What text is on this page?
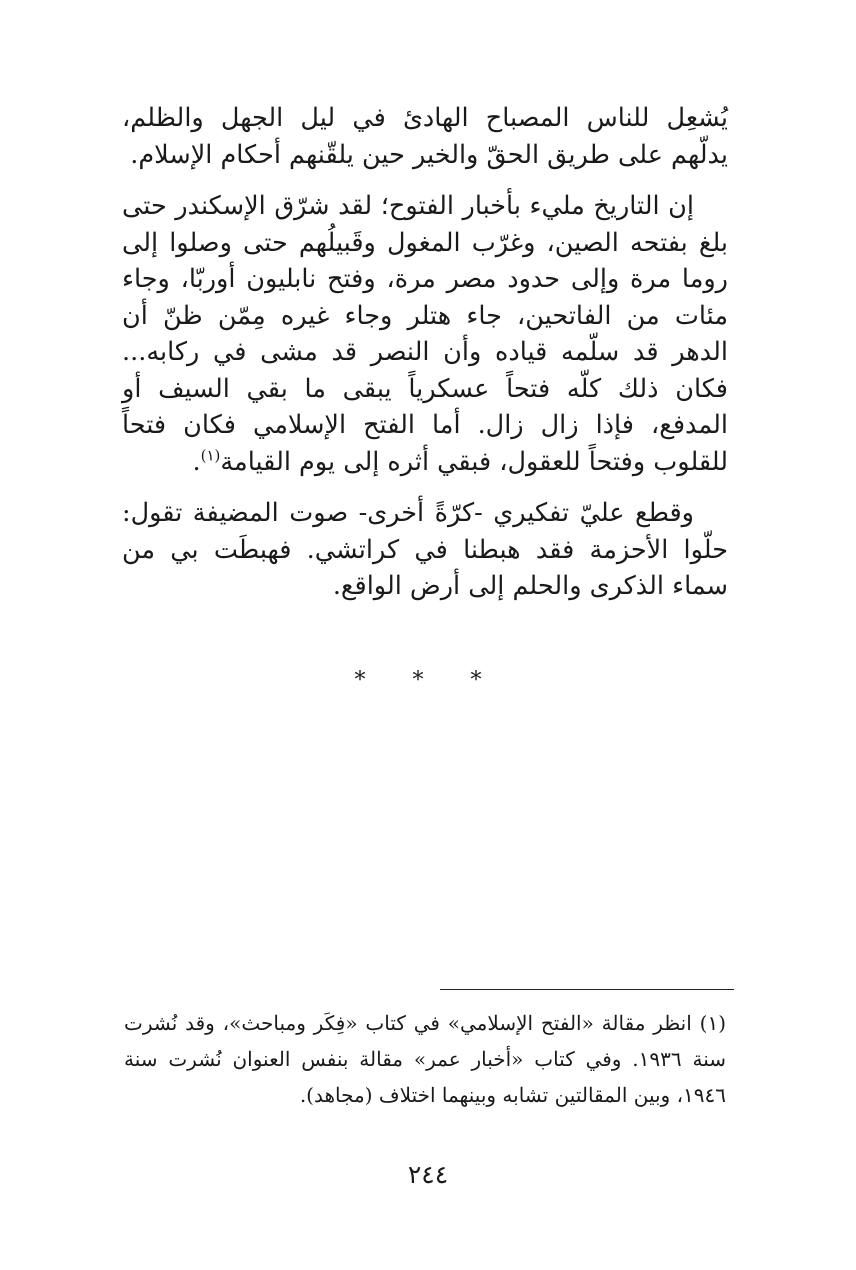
يُشعِل للناس المصباح الهادئ في ليل الجهل والظلم، يدلّهم على طريق الحقّ والخير حين يلقّنهم أحكام الإسلام.

إن التاريخ مليء بأخبار الفتوح؛ لقد شرّق الإسكندر حتى بلغ بفتحه الصين، وغرّب المغول وقَبيلُهم حتى وصلوا إلى روما مرة وإلى حدود مصر مرة، وفتح نابليون أوربّا، وجاء مئات من الفاتحين، جاء هتلر وجاء غيره مِمّن ظنّ أن الدهر قد سلّمه قياده وأن النصر قد مشى في ركابه... فكان ذلك كلّه فتحاً عسكرياً يبقى ما بقي السيف أو المدفع، فإذا زال زال. أما الفتح الإسلامي فكان فتحاً للقلوب وفتحاً للعقول، فبقي أثره إلى يوم القيامة$^{(١)}$.

وقطع عليّ تفكيري -كرّةً أخرى- صوت المضيفة تقول: حلّوا الأحزمة فقد هبطنا في كراتشي. فهبطَت بي من سماء الذكرى والحلم إلى أرض الواقع.

* * *

(١) انظر مقالة «الفتح الإسلامي» في كتاب «فِكَر ومباحث»، وقد نُشرت سنة ١٩٣٦. وفي كتاب «أخبار عمر» مقالة بنفس العنوان نُشرت سنة ١٩٤٦، وبين المقالتين تشابه وبينهما اختلاف (مجاهد).

٢٤٤
